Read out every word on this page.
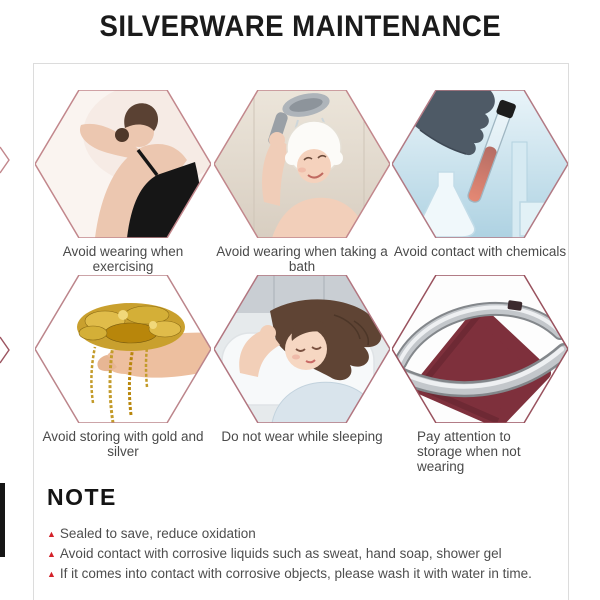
SILVERWARE MAINTENANCE
Avoid wearing when exercising
Avoid wearing when taking a bath
Avoid contact with chemicals
Avoid storing with gold and silver
Do not wear while sleeping	Pay attention to storage when not wearing
NOTE
▲ Sealed to save, reduce oxidation
▲ Avoid contact with corrosive liquids such as sweat, hand soap, shower gel
▲ If it comes into contact with corrosive objects, please wash it with water in time.
